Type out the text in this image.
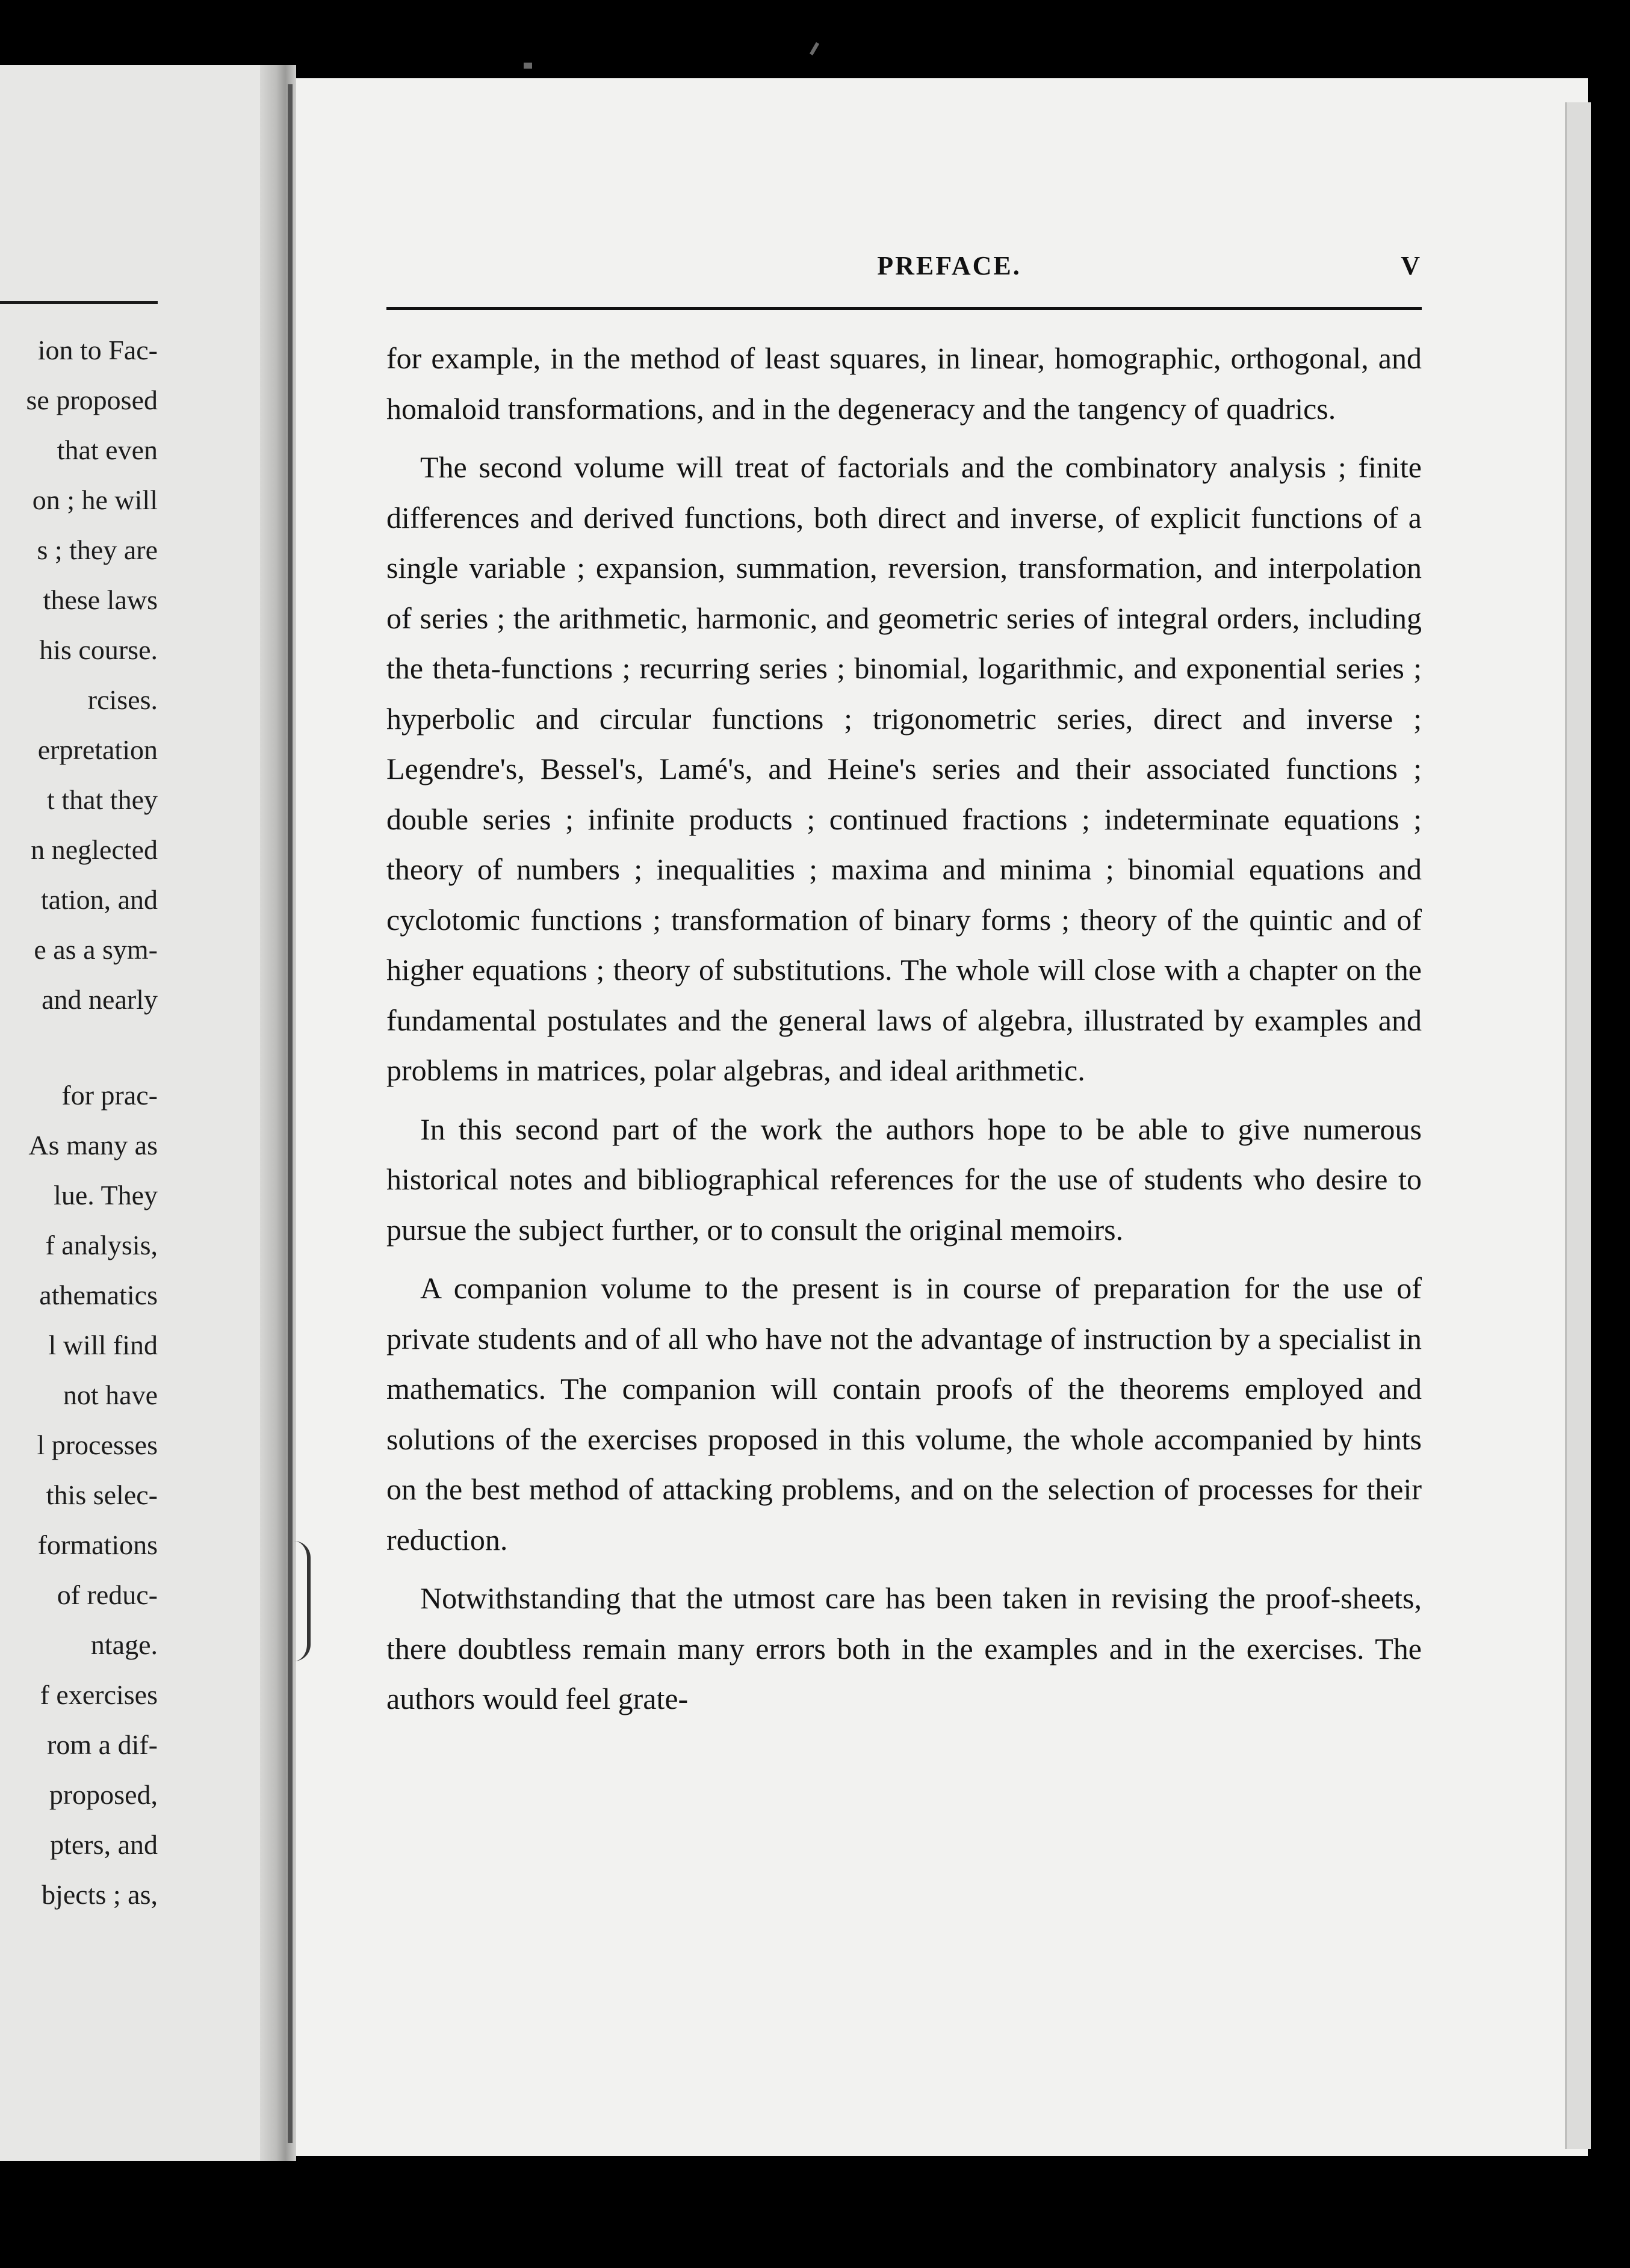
ion to Fac-
se proposed
that even
on ; he will
s ; they are
these laws
his course.
rcises.
erpretation
t that they
n neglected
tation, and
e as a sym-
and nearly
for prac-
As many as
lue. They
f analysis,
athematics
l will find
not have
l processes
this selec-
formations
of reduc-
ntage.
f exercises
rom a dif-
proposed,
pters, and
bjects ; as,
PREFACE.	V

for example, in the method of least squares, in linear, homographic, orthogonal, and homaloid transformations, and in the degeneracy and the tangency of quadrics.

The second volume will treat of factorials and the combinatory analysis ; finite differences and derived functions, both direct and inverse, of explicit functions of a single variable ; expansion, summation, reversion, transformation, and interpolation of series ; the arithmetic, harmonic, and geometric series of integral orders, including the theta-functions ; recurring series ; binomial, logarithmic, and exponential series ; hyperbolic and circular functions ; trigonometric series, direct and inverse ; Legendre's, Bessel's, Lamé's, and Heine's series and their associated functions ; double series ; infinite products ; continued fractions ; indeterminate equations ; theory of numbers ; inequalities ; maxima and minima ; binomial equations and cyclotomic functions ; transformation of binary forms ; theory of the quintic and of higher equations ; theory of substitutions. The whole will close with a chapter on the fundamental postulates and the general laws of algebra, illustrated by examples and problems in matrices, polar algebras, and ideal arithmetic.

In this second part of the work the authors hope to be able to give numerous historical notes and bibliographical references for the use of students who desire to pursue the subject further, or to consult the original memoirs.

A companion volume to the present is in course of preparation for the use of private students and of all who have not the advantage of instruction by a specialist in mathematics. The companion will contain proofs of the theorems employed and solutions of the exercises proposed in this volume, the whole accompanied by hints on the best method of attacking problems, and on the selection of processes for their reduction.

Notwithstanding that the utmost care has been taken in revising the proof-sheets, there doubtless remain many errors both in the examples and in the exercises. The authors would feel grate-
